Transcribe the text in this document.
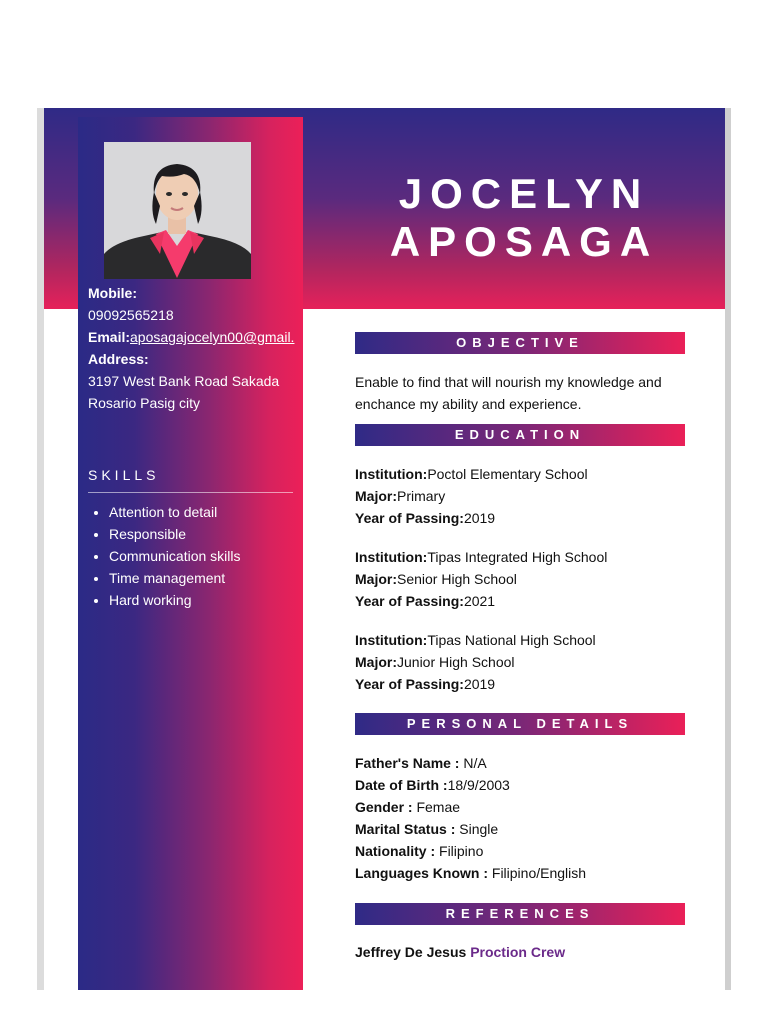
JOCELYN
APOSAGA
Mobile:
09092565218
Email:aposagajocelyn00@gmail.
Address:
3197 West Bank Road Sakada Rosario Pasig city
SKILLS
• Attention to detail
• Responsible
• Communication skills
• Time management
• Hard working
OBJECTIVE
Enable to find that will nourish my knowledge and enchance my ability and experience.
EDUCATION
Institution:Poctol Elementary School
Major:Primary
Year of Passing:2019
Institution:Tipas Integrated High School
Major:Senior High School
Year of Passing:2021
Institution:Tipas National High School
Major:Junior High School
Year of Passing:2019
PERSONAL DETAILS
Father's Name : N/A
Date of Birth :18/9/2003
Gender : Femae
Marital Status : Single
Nationality : Filipino
Languages Known : Filipino/English
REFERENCES
Jeffrey De Jesus Proction Crew
